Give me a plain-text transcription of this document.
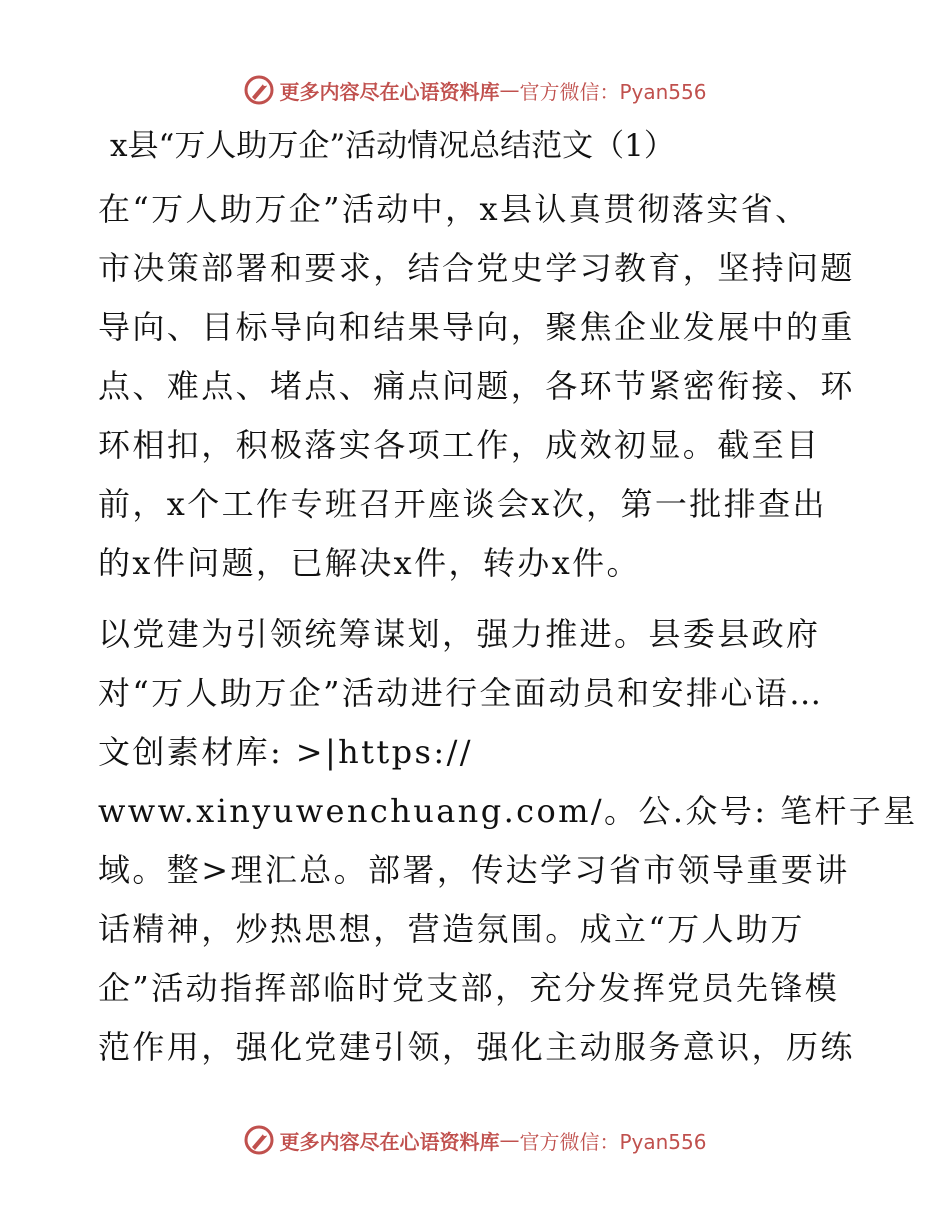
更多内容尽在心语资料库 — 官方微信：Pyan556
x县“万人助万企”活动情况总结范文（1）
在“万人助万企”活动中，x县认真贯彻落实省、
市决策部署和要求，结合党史学习教育，坚持问题
导向、目标导向和结果导向，聚焦企业发展中的重
点、难点、堵点、痛点问题，各环节紧密衔接、环
环相扣，积极落实各项工作，成效初显。截至目
前，x个工作专班召开座谈会x次，第一批排查出
的x件问题，已解决x件，转办x件。
以党建为引领统筹谋划，强力推进。县委县政府
对“万人助万企”活动进行全面动员和安排心语…
文创素材库: >|https://
www.xinyuwenchuang.com/。公.众号: 笔杆子星
域。整>理汇总。部署，传达学习省市领导重要讲
话精神，炒热思想，营造氛围。成立“万人助万
企”活动指挥部临时党支部，充分发挥党员先锋模
范作用，强化党建引领，强化主动服务意识，历练
更多内容尽在心语资料库 — 官方微信：Pyan556
